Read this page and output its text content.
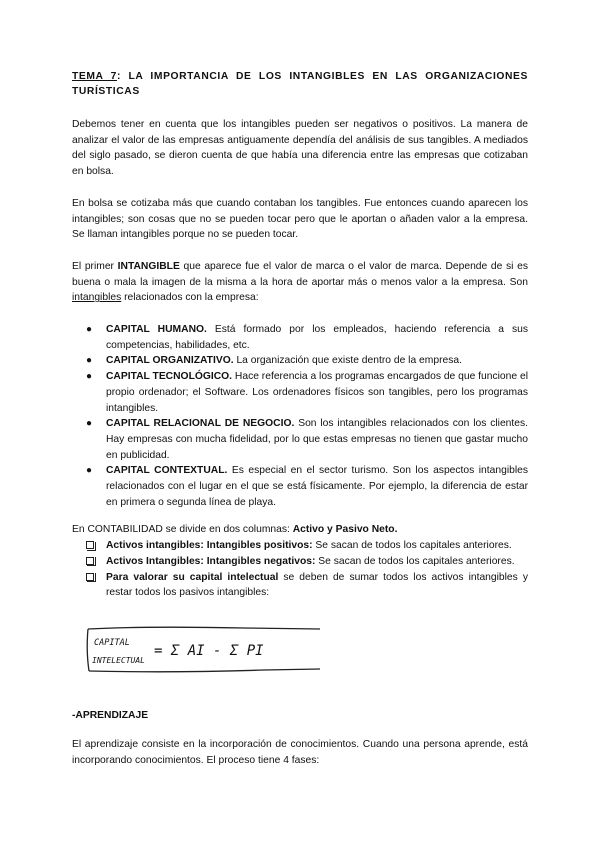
TEMA 7: LA IMPORTANCIA DE LOS INTANGIBLES EN LAS ORGANIZACIONES TURÍSTICAS

Debemos tener en cuenta que los intangibles pueden ser negativos o positivos. La manera de analizar el valor de las empresas antiguamente dependía del análisis de sus tangibles. A mediados del siglo pasado, se dieron cuenta de que había una diferencia entre las empresas que cotizaban en bolsa.

En bolsa se cotizaba más que cuando contaban los tangibles. Fue entonces cuando aparecen los intangibles; son cosas que no se pueden tocar pero que le aportan o añaden valor a la empresa. Se llaman intangibles porque no se pueden tocar.

El primer INTANGIBLE que aparece fue el valor de marca o el valor de marca. Depende de si es buena o mala la imagen de la misma a la hora de aportar más o menos valor a la empresa. Son intangibles relacionados con la empresa:

● CAPITAL HUMANO. Está formado por los empleados, haciendo referencia a sus competencias, habilidades, etc.
● CAPITAL ORGANIZATIVO. La organización que existe dentro de la empresa.
● CAPITAL TECNOLÓGICO. Hace referencia a los programas encargados de que funcione el propio ordenador; el Software. Los ordenadores físicos son tangibles, pero los programas intangibles.
● CAPITAL RELACIONAL DE NEGOCIO. Son los intangibles relacionados con los clientes. Hay empresas con mucha fidelidad, por lo que estas empresas no tienen que gastar mucho en publicidad.
● CAPITAL CONTEXTUAL. Es especial en el sector turismo. Son los aspectos intangibles relacionados con el lugar en el que se está físicamente. Por ejemplo, la diferencia de estar en primera o segunda línea de playa.
En CONTABILIDAD se divide en dos columnas: Activo y Pasivo Neto.
Activos intangibles: Intangibles positivos: Se sacan de todos los capitales anteriores.
Activos Intangibles: Intangibles negativos: Se sacan de todos los capitales anteriores.
Para valorar su capital intelectual se deben de sumar todos los activos intangibles y restar todos los pasivos intangibles:
CAPITAL
INTELECTUAL
= Σ AI - Σ PI
-APRENDIZAJE

El aprendizaje consiste en la incorporación de conocimientos. Cuando una persona aprende, está incorporando conocimientos. El proceso tiene 4 fases:
